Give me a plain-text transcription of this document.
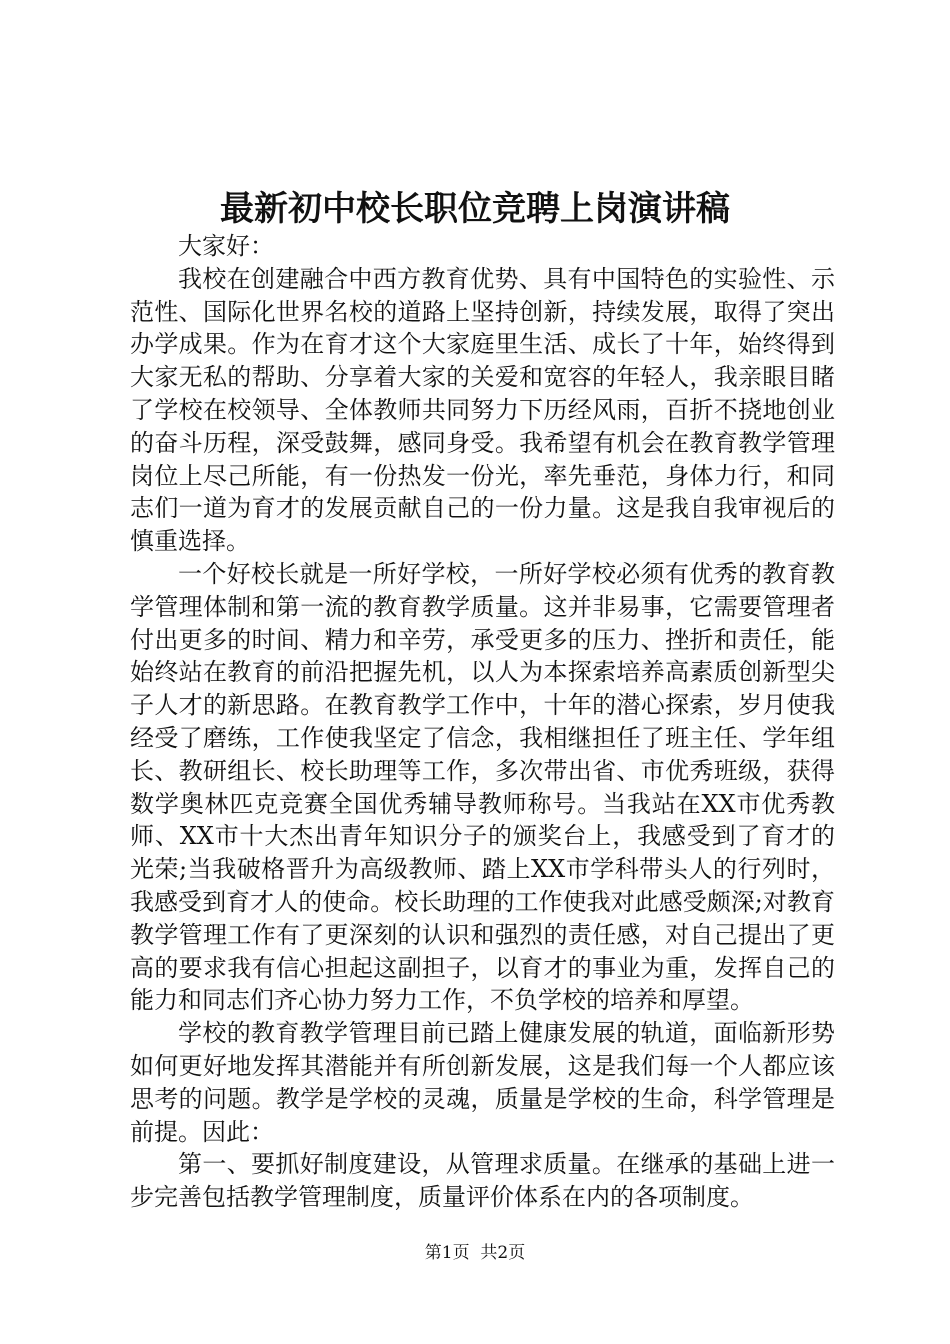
最新初中校长职位竞聘上岗演讲稿

大家好：

我校在创建融合中西方教育优势、具有中国特色的实验性、示范性、国际化世界名校的道路上坚持创新，持续发展，取得了突出办学成果。作为在育才这个大家庭里生活、成长了十年，始终得到大家无私的帮助、分享着大家的关爱和宽容的年轻人，我亲眼目睹了学校在校领导、全体教师共同努力下历经风雨，百折不挠地创业的奋斗历程，深受鼓舞，感同身受。我希望有机会在教育教学管理岗位上尽己所能，有一份热发一份光，率先垂范，身体力行，和同志们一道为育才的发展贡献自己的一份力量。这是我自我审视后的慎重选择。

一个好校长就是一所好学校，一所好学校必须有优秀的教育教学管理体制和第一流的教育教学质量。这并非易事，它需要管理者付出更多的时间、精力和辛劳，承受更多的压力、挫折和责任，能始终站在教育的前沿把握先机，以人为本探索培养高素质创新型尖子人才的新思路。在教育教学工作中，十年的潜心探索，岁月使我经受了磨练，工作使我坚定了信念，我相继担任了班主任、学年组长、教研组长、校长助理等工作，多次带出省、市优秀班级，获得数学奥林匹克竞赛全国优秀辅导教师称号。当我站在XX市优秀教师、XX市十大杰出青年知识分子的颁奖台上，我感受到了育才的光荣;当我破格晋升为高级教师、踏上XX市学科带头人的行列时，我感受到育才人的使命。校长助理的工作使我对此感受颇深;对教育教学管理工作有了更深刻的认识和强烈的责任感，对自己提出了更高的要求我有信心担起这副担子，以育才的事业为重，发挥自己的能力和同志们齐心协力努力工作，不负学校的培养和厚望。

学校的教育教学管理目前已踏上健康发展的轨道，面临新形势如何更好地发挥其潜能并有所创新发展，这是我们每一个人都应该思考的问题。教学是学校的灵魂，质量是学校的生命，科学管理是前提。因此：

第一、要抓好制度建设，从管理求质量。在继承的基础上进一步完善包括教学管理制度，质量评价体系在内的各项制度。

第1页 共2页
